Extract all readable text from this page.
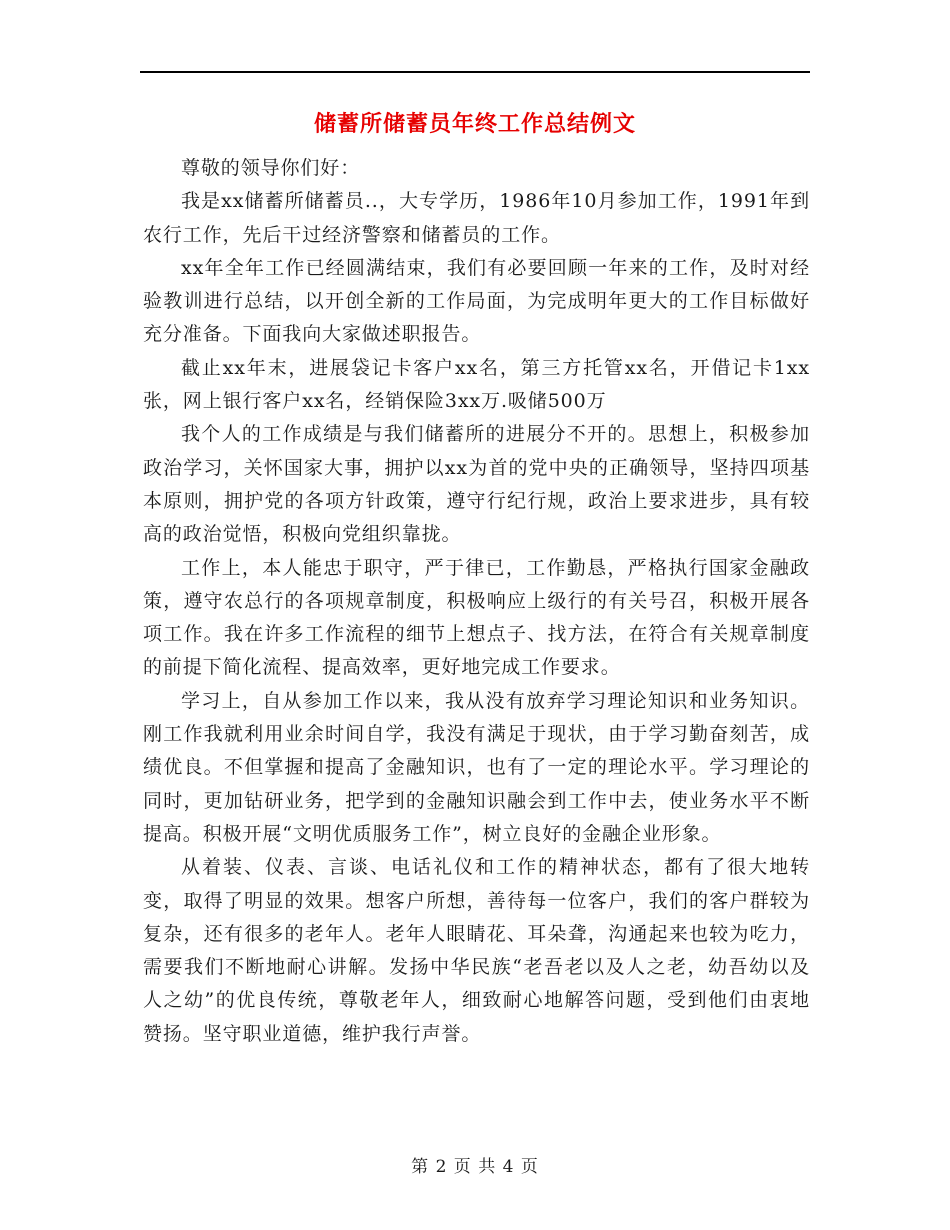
储蓄所储蓄员年终工作总结例文

尊敬的领导你们好：

我是xx储蓄所储蓄员..，大专学历，1986年10月参加工作，1991年到农行工作，先后干过经济警察和储蓄员的工作。

xx年全年工作已经圆满结束，我们有必要回顾一年来的工作，及时对经验教训进行总结，以开创全新的工作局面，为完成明年更大的工作目标做好充分准备。下面我向大家做述职报告。

截止xx年末，进展袋记卡客户xx名，第三方托管xx名，开借记卡1xx张，网上银行客户xx名，经销保险3xx万.吸储500万

我个人的工作成绩是与我们储蓄所的进展分不开的。思想上，积极参加政治学习，关怀国家大事，拥护以xx为首的党中央的正确领导，坚持四项基本原则，拥护党的各项方针政策，遵守行纪行规，政治上要求进步，具有较高的政治觉悟，积极向党组织靠拢。

工作上，本人能忠于职守，严于律已，工作勤恳，严格执行国家金融政策，遵守农总行的各项规章制度，积极响应上级行的有关号召，积极开展各项工作。我在许多工作流程的细节上想点子、找方法，在符合有关规章制度的前提下简化流程、提高效率，更好地完成工作要求。

学习上，自从参加工作以来，我从没有放弃学习理论知识和业务知识。刚工作我就利用业余时间自学，我没有满足于现状，由于学习勤奋刻苦，成绩优良。不但掌握和提高了金融知识，也有了一定的理论水平。学习理论的同时，更加钻研业务，把学到的金融知识融会到工作中去，使业务水平不断提高。积极开展“文明优质服务工作”，树立良好的金融企业形象。

从着装、仪表、言谈、电话礼仪和工作的精神状态，都有了很大地转变，取得了明显的效果。想客户所想，善待每一位客户，我们的客户群较为复杂，还有很多的老年人。老年人眼睛花、耳朵聋，沟通起来也较为吃力，需要我们不断地耐心讲解。发扬中华民族“老吾老以及人之老，幼吾幼以及人之幼”的优良传统，尊敬老年人，细致耐心地解答问题，受到他们由衷地赞扬。坚守职业道德，维护我行声誉。

第 2 页 共 4 页
